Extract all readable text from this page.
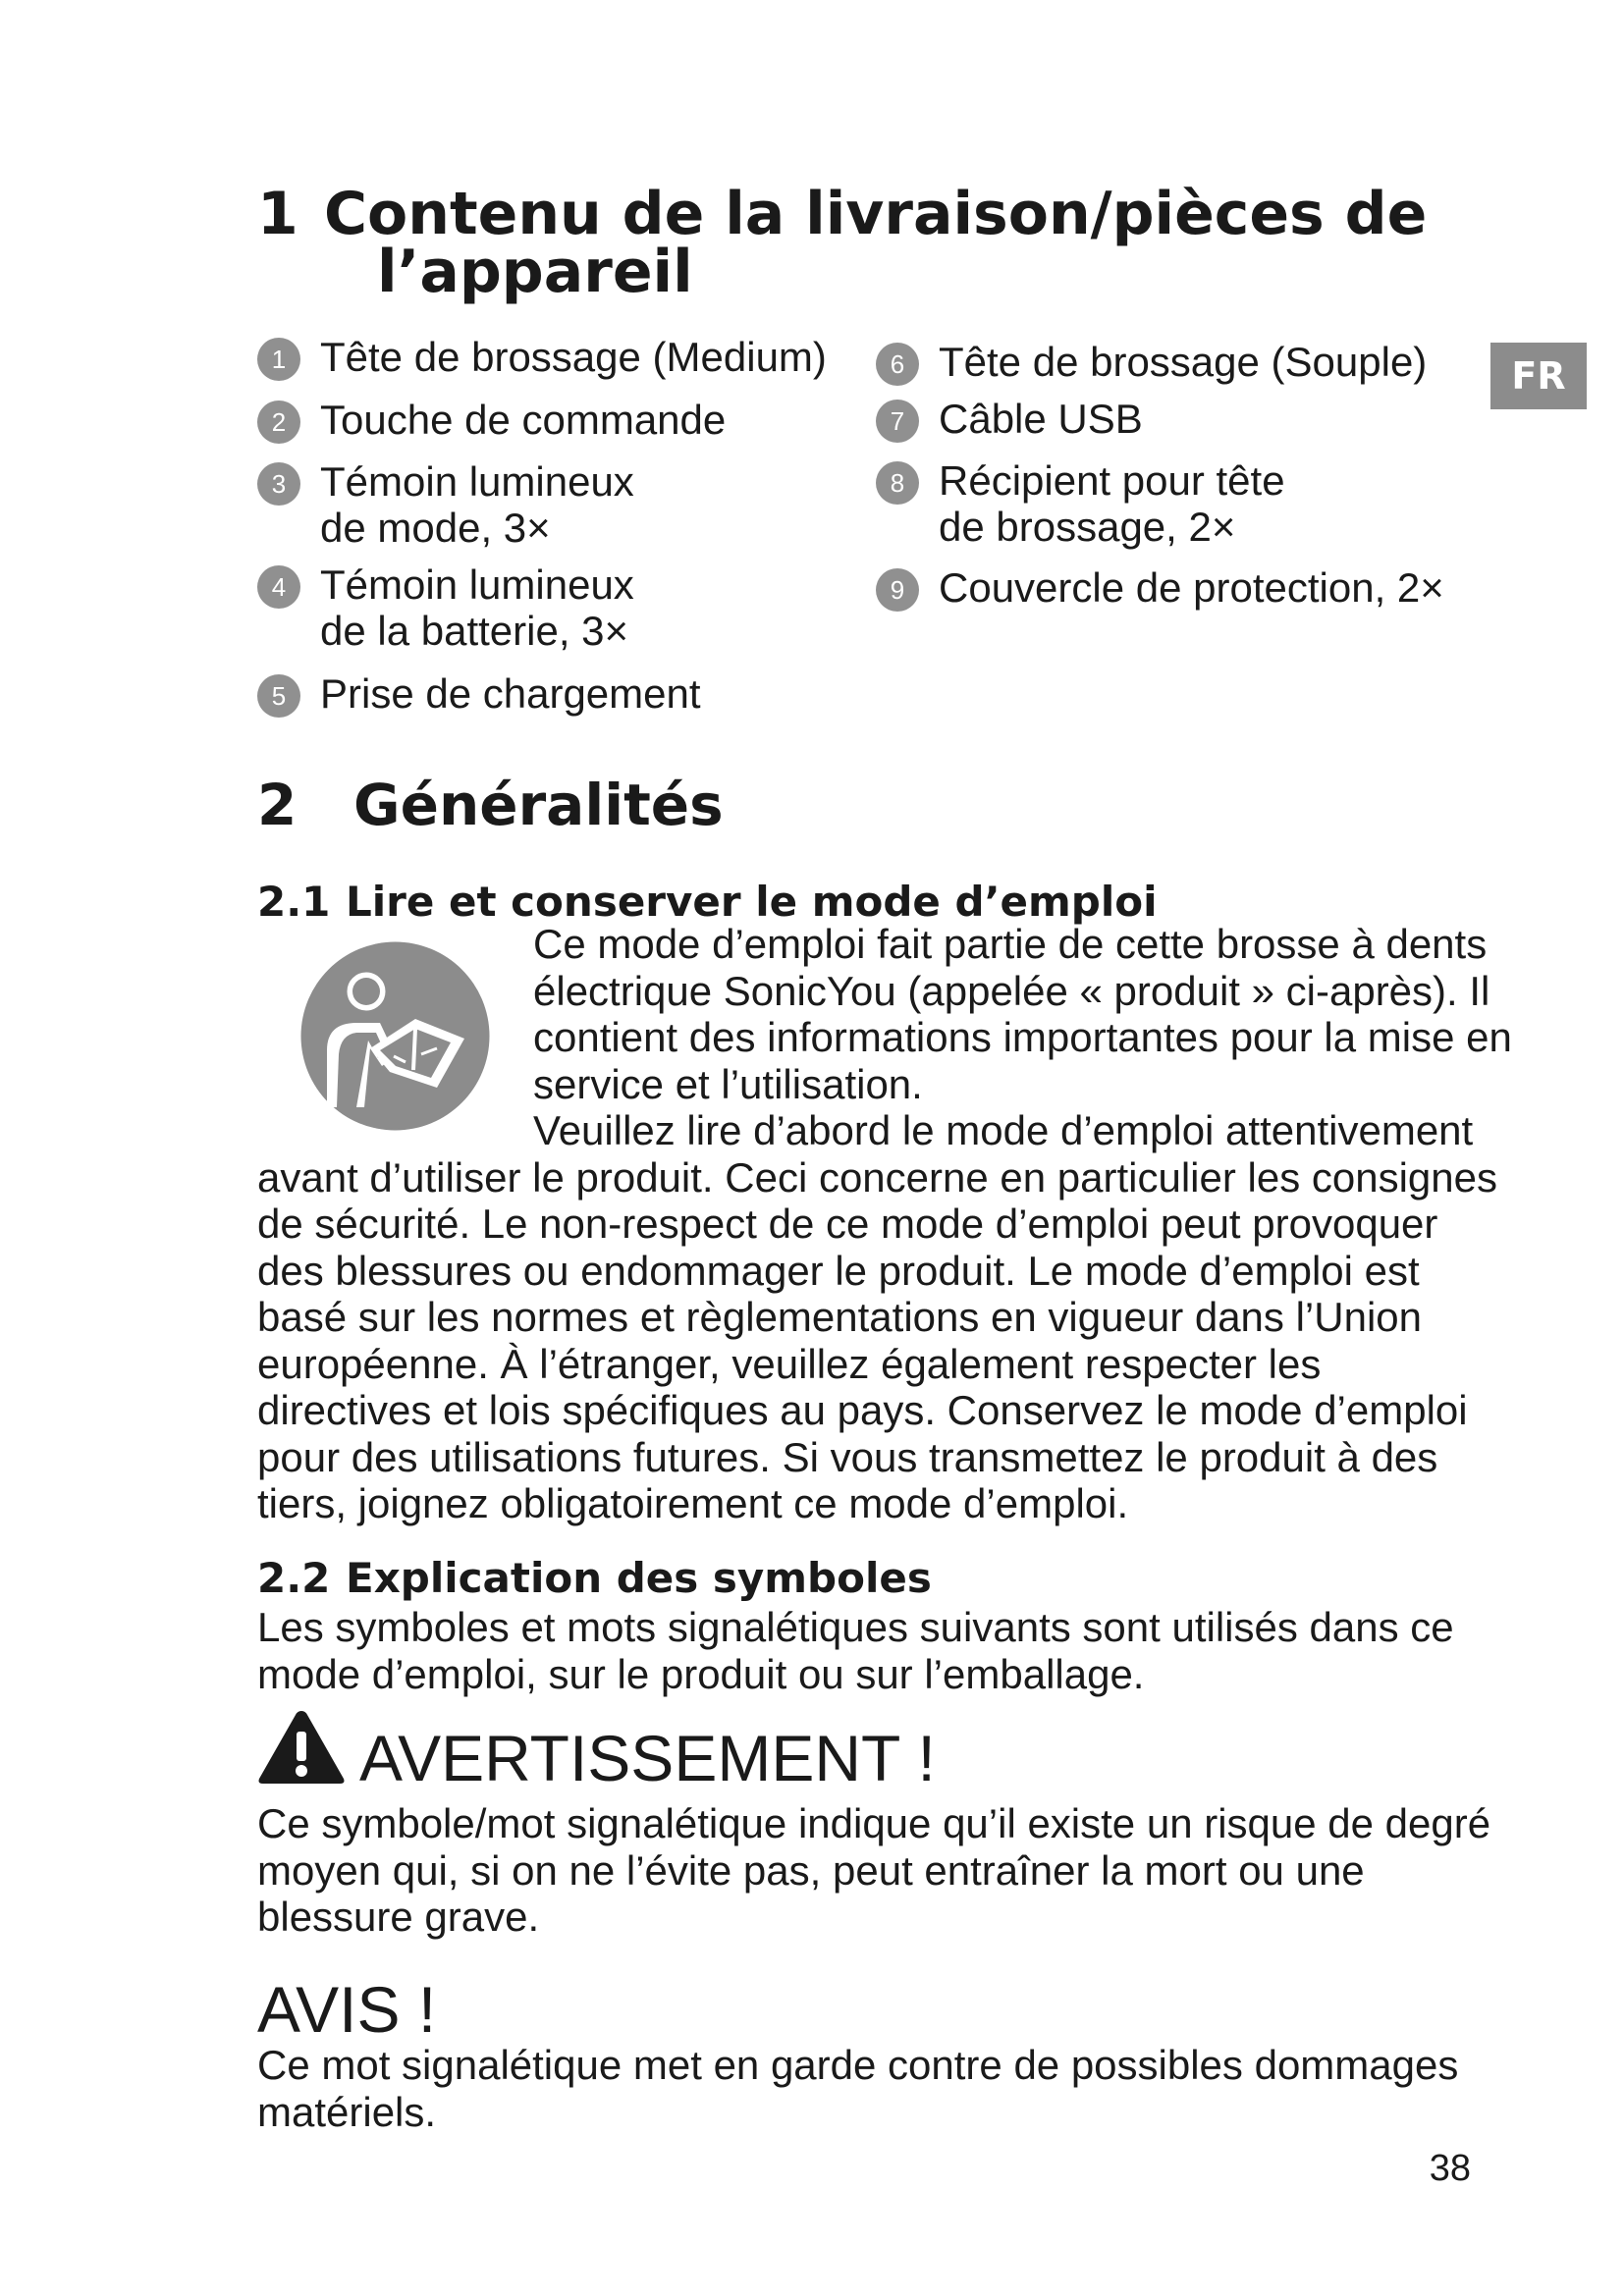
1 Contenu de la livraison/pièces de
l’appareil
FR
1 Tête de brossage (Medium)
2 Touche de commande
3 Témoin lumineux
de mode, 3×
4 Témoin lumineux
de la batterie, 3×
5 Prise de chargement
6 Tête de brossage (Souple)
7 Câble USB
8 Récipient pour tête
de brossage, 2×
9 Couvercle de protection, 2×
2 Généralités
2.1 Lire et conserver le mode d’emploi
Ce mode d’emploi fait partie de cette brosse à dents électrique SonicYou (appelée « produit » ci-après). Il contient des informations importantes pour la mise en service et l’utilisation.
Veuillez lire d’abord le mode d’emploi attentivement avant d’utiliser le produit. Ceci concerne en particulier les consignes de sécurité. Le non-respect de ce mode d’emploi peut provoquer des blessures ou endommager le produit. Le mode d’emploi est basé sur les normes et règlementations en vigueur dans l’Union européenne. À l’étranger, veuillez également respecter les directives et lois spécifiques au pays. Conservez le mode d’emploi pour des utilisations futures. Si vous transmettez le produit à des tiers, joignez obligatoirement ce mode d’emploi.
2.2 Explication des symboles
Les symboles et mots signalétiques suivants sont utilisés dans ce mode d’emploi, sur le produit ou sur l’emballage.
AVERTISSEMENT !
Ce symbole/mot signalétique indique qu’il existe un risque de degré moyen qui, si on ne l’évite pas, peut entraîner la mort ou une blessure grave.
AVIS !
Ce mot signalétique met en garde contre de possibles dommages matériels.
38
